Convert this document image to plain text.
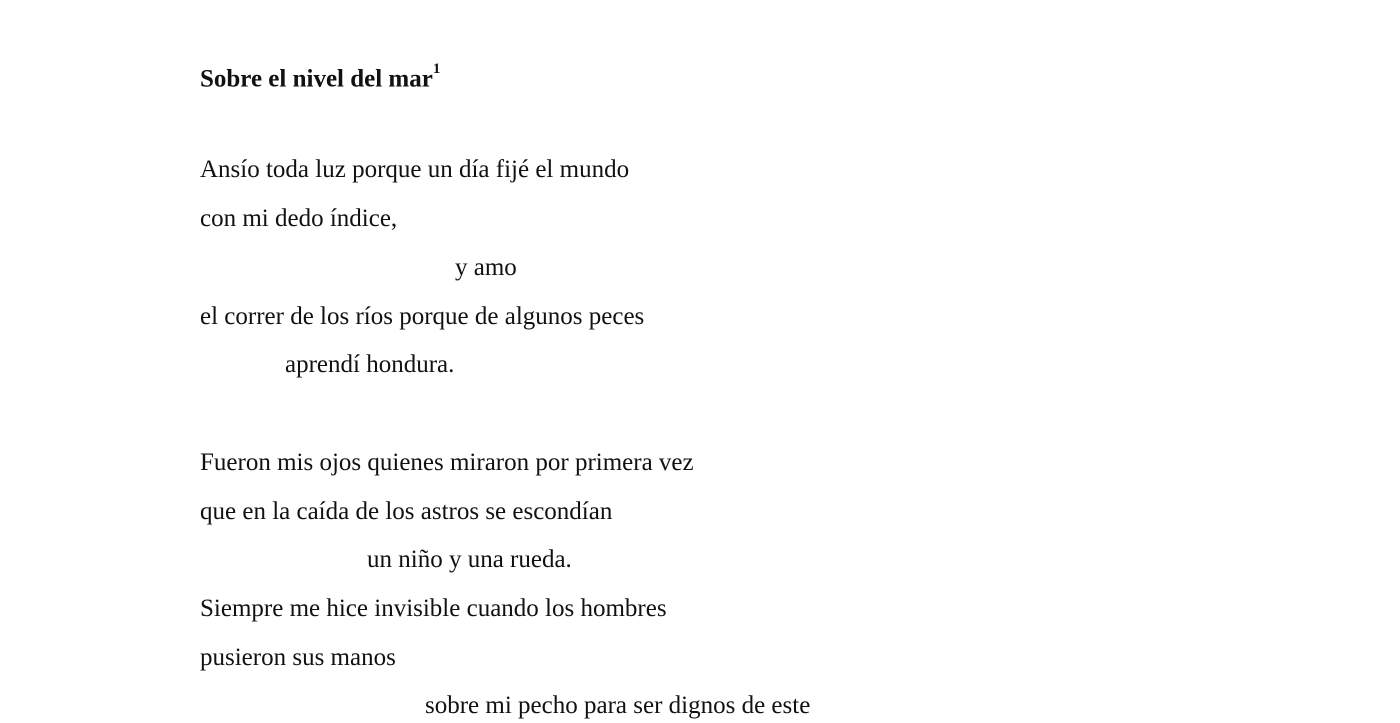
Sobre el nivel del mar$^1$
Ansío toda luz porque un día fijé el mundo
con mi dedo índice,
y amo
el correr de los ríos porque de algunos peces
aprendí hondura.
Fueron mis ojos quienes miraron por primera vez
que en la caída de los astros se escondían
un niño y una rueda.
Siempre me hice invisible cuando los hombres
pusieron sus manos
sobre mi pecho para ser dignos de este
